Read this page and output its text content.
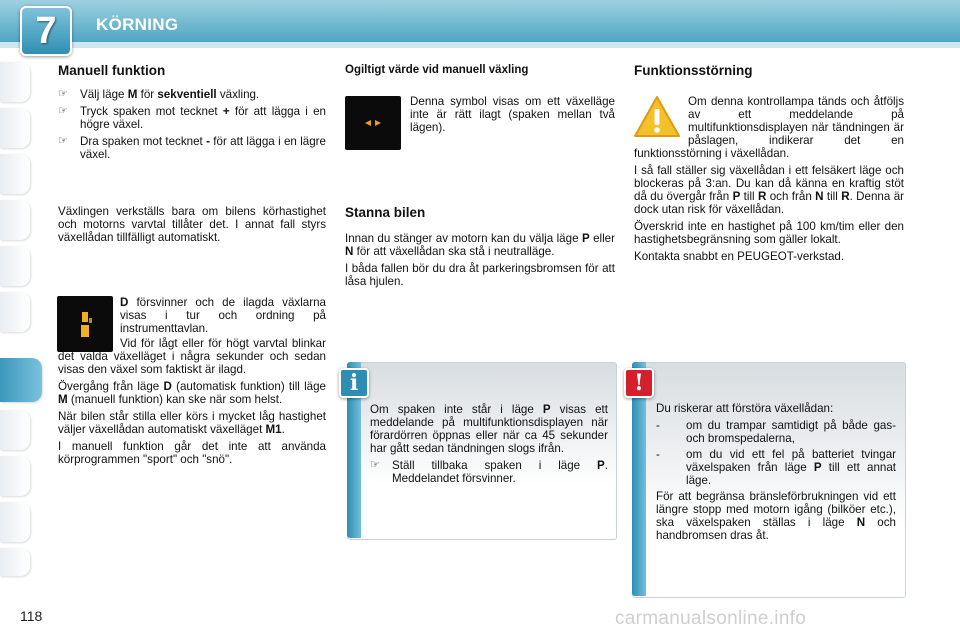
7 KÖRNING
Manuell funktion
☞	Välj läge M för sekventiell växling.
☞	Tryck spaken mot tecknet + för att lägga i en högre växel.
☞	Dra spaken mot tecknet - för att lägga i en lägre växel.

Växlingen verkställs bara om bilens körhastighet och motorns varvtal tillåter det. I annat fall styrs växellådan tillfälligt automatiskt.

D försvinner och de ilagda växlarna visas i tur och ordning på instrumenttavlan.

Vid för lågt eller för högt varvtal blinkar det valda växelläget i några sekunder och sedan visas den växel som faktiskt är ilagd.

Övergång från läge D (automatisk funktion) till läge M (manuell funktion) kan ske när som helst.

När bilen står stilla eller körs i mycket låg hastighet väljer växellådan automatiskt växelläget M1.

I manuell funktion går det inte att använda körprogrammen "sport" och "snö".

Ogiltigt värde vid manuell växling

Denna symbol visas om ett växelläge inte är rätt ilagt (spaken mellan två lägen).

Stanna bilen

Innan du stänger av motorn kan du välja läge P eller N för att växellådan ska stå i neutralläge.

I båda fallen bör du dra åt parkeringsbromsen för att låsa hjulen.

i

Om spaken inte står i läge P visas ett meddelande på multifunktionsdisplayen när förardörren öppnas eller när ca 45 sekunder har gått sedan tändningen slogs ifrån.

☞	Ställ tillbaka spaken i läge P. Meddelandet försvinner.
Funktionsstörning

Om denna kontrollampa tänds och åtföljs av ett meddelande på multifunktionsdisplayen när tändningen är påslagen, indikerar det en funktionsstörning i växellådan.

I så fall ställer sig växellådan i ett felsäkert läge och blockeras på 3:an. Du kan då känna en kraftig stöt då du övergår från P till R och från N till R. Denna är dock utan risk för växellådan.

Överskrid inte en hastighet på 100 km/tim eller den hastighetsbegränsning som gäller lokalt.

Kontakta snabbt en PEUGEOT-verkstad.

!

Du riskerar att förstöra växellådan:

-	om du trampar samtidigt på både gas- och bromspedalerna,
-	om du vid ett fel på batteriet tvingar växelspaken från läge P till ett annat läge.

För att begränsa bränsleförbrukningen vid ett längre stopp med motorn igång (bilköer etc.), ska växelspaken ställas i läge N och handbromsen dras åt.

118	carmanualsonline.info
